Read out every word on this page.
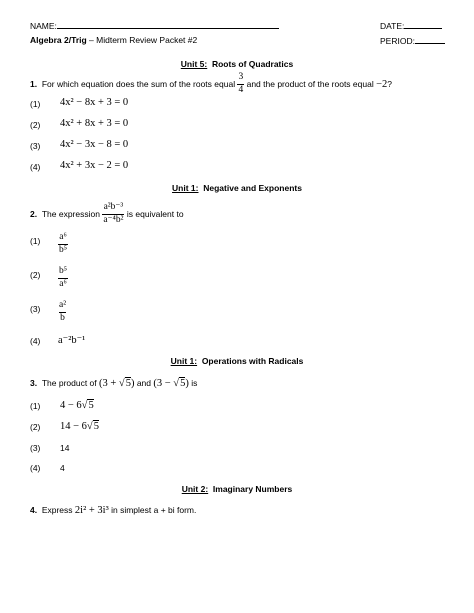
NAME:	DATE:
Algebra 2/Trig – Midterm Review Packet #2	PERIOD:
Unit 5: Roots of Quadratics
1.
For which equation does the sum of the roots equal
$\frac{3}{4}$
and the product of the roots equal
−2 ?
(1) 4x² − 8x + 3 = 0
(2) 4x² + 8x + 3 = 0
(3) 4x² − 3x − 8 = 0
(4) 4x² + 3x − 2 = 0
Unit 1: Negative and Exponents
2.
The expression
$\frac{\text{a²b⁻³}}{\text{a⁻⁴b²}}$
is equivalent to
$(1) \frac{\text{a⁶}}{\text{b⁵}}$
$(2) \frac{\text{b⁵}}{\text{a⁶}}$
$(3) \frac{\text{a²}}{b}$
(4) a⁻²b⁻¹
Unit 1: Operations with Radicals
3. The product of (3 + √5) and (3 − √5) is
(1) 4 − 6√5
(2) 14 − 6√5
(3) 14
(4) 4
Unit 2: Imaginary Numbers
4. Express 2i² + 3i³ in simplest a + bi form.
